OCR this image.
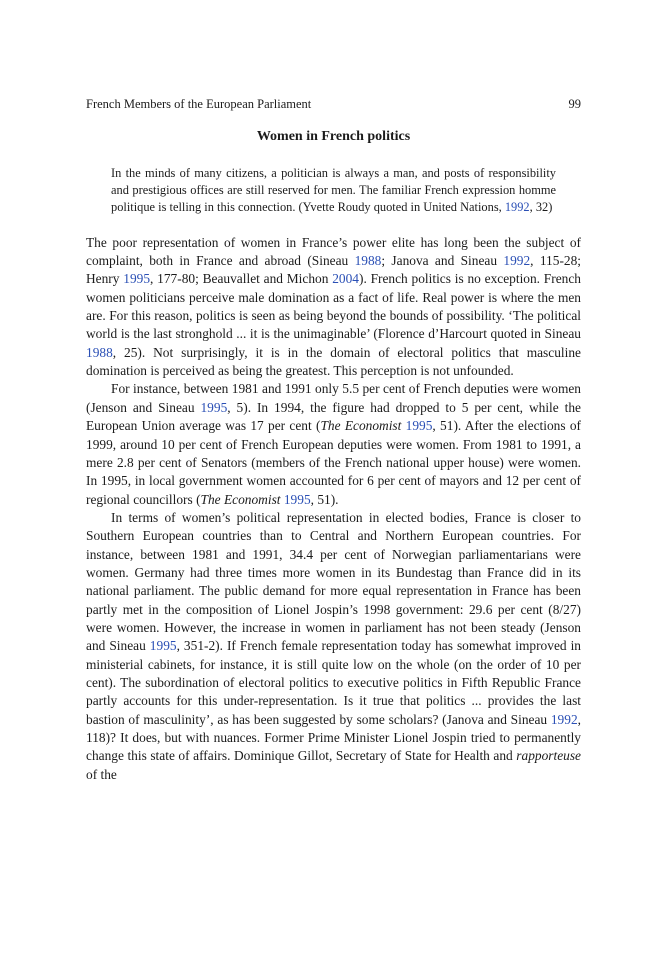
French Members of the European Parliament	99
Women in French politics
In the minds of many citizens, a politician is always a man, and posts of responsibility and prestigious offices are still reserved for men. The familiar French expression homme politique is telling in this connection. (Yvette Roudy quoted in United Nations, 1992, 32)

The poor representation of women in France’s power elite has long been the subject of complaint, both in France and abroad (Sineau 1988; Janova and Sineau 1992, 115-28; Henry 1995, 177-80; Beauvallet and Michon 2004). French politics is no exception. French women politicians perceive male domination as a fact of life. Real power is where the men are. For this reason, politics is seen as being beyond the bounds of possibility. ‘The political world is the last stronghold ... it is the unimaginable’ (Florence d’Harcourt quoted in Sineau 1988, 25). Not surprisingly, it is in the domain of electoral politics that masculine domination is perceived as being the greatest. This perception is not unfounded.

For instance, between 1981 and 1991 only 5.5 per cent of French deputies were women (Jenson and Sineau 1995, 5). In 1994, the figure had dropped to 5 per cent, while the European Union average was 17 per cent (The Economist 1995, 51). After the elections of 1999, around 10 per cent of French European deputies were women. From 1981 to 1991, a mere 2.8 per cent of Senators (members of the French national upper house) were women. In 1995, in local government women accounted for 6 per cent of mayors and 12 per cent of regional councillors (The Economist 1995, 51).

In terms of women’s political representation in elected bodies, France is closer to Southern European countries than to Central and Northern European countries. For instance, between 1981 and 1991, 34.4 per cent of Norwegian parliamentarians were women. Germany had three times more women in its Bundestag than France did in its national parliament. The public demand for more equal representation in France has been partly met in the composition of Lionel Jospin’s 1998 government: 29.6 per cent (8/27) were women. However, the increase in women in parliament has not been steady (Jenson and Sineau 1995, 351-2). If French female representation today has somewhat improved in ministerial cabinets, for instance, it is still quite low on the whole (on the order of 10 per cent). The subordination of electoral politics to executive politics in Fifth Republic France partly accounts for this under-representation. Is it true that politics ... provides the last bastion of masculinity’, as has been suggested by some scholars? (Janova and Sineau 1992, 118)? It does, but with nuances. Former Prime Minister Lionel Jospin tried to permanently change this state of affairs. Dominique Gillot, Secretary of State for Health and rapporteuse of the
